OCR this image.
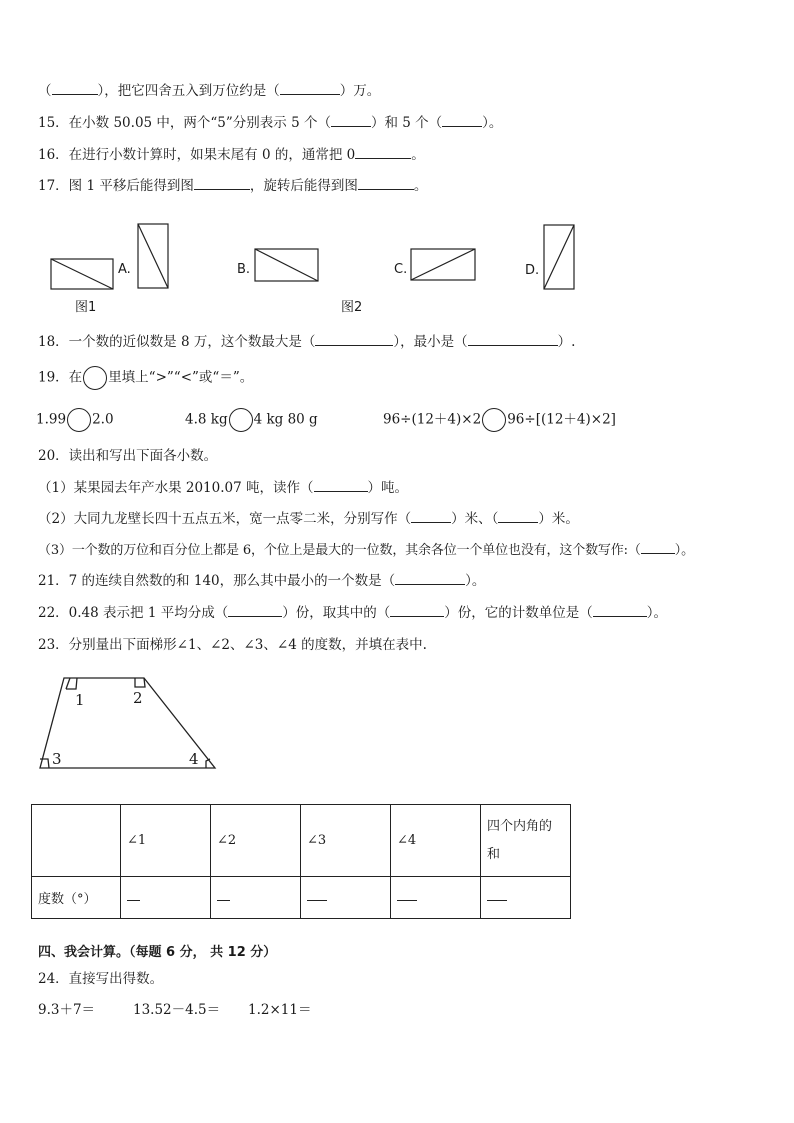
（	），把它四舍五入到万位约是（	）万。
15．在小数 50.05 中，两个“5”分别表示 5 个（	）和 5 个（	）。
16．在进行小数计算时，如果末尾有 0 的，通常把 0	。
17．图 1 平移后能得到图	，旋转后能得到图	。
A.	B.	C.	D.
图1	图2
18．一个数的近似数是 8 万，这个数最大是（	），最小是（	）.
19．在 里填上“>”“<”或“＝”。
1.99 2.0	4.8 kg 4 kg 80 g	96÷(12＋4)×2 96÷[(12＋4)×2]
20．读出和写出下面各小数。
（1）某果园去年产水果 2010.07 吨，读作（	）吨。
（2）大同九龙壁长四十五点五米，宽一点零二米，分别写作（	）米、（	）米。
（3）一个数的万位和百分位上都是 6，个位上是最大的一位数，其余各位一个单位也没有，这个数写作:（	）。
21．7 的连续自然数的和 140，那么其中最小的一个数是（	）。
22．0.48 表示把 1 平均分成（	）份，取其中的（	）份，它的计数单位是（	）。
23．分别量出下面梯形∠1、∠2、∠3、∠4 的度数，并填在表中.
1	2
3	4
	∠1	∠2	∠3	∠4	四个内角的
和

度数（°）					
四、我会计算。（每题 6 分， 共 12 分）
24．直接写出得数。
9.3＋7＝	13.52－4.5＝ 1.2×11＝
